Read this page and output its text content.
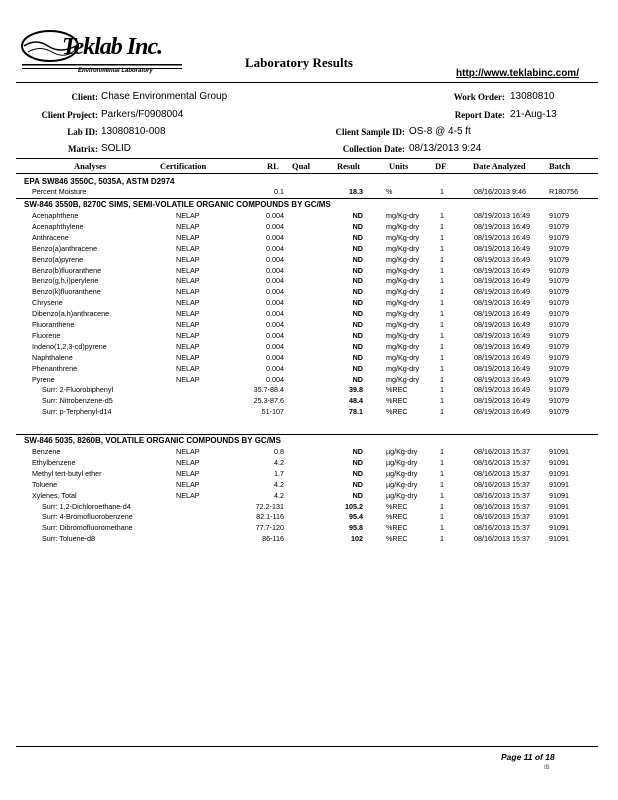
Teklab Inc.
Environmental Laboratory
Laboratory Results
http://www.teklabinc.com/
Client: Chase Environmental Group
Client Project: Parkers/F0908004
Lab ID: 13080810-008
Matrix: SOLID
Work Order: 13080810
Report Date: 21-Aug-13
Client Sample ID: OS-8 @ 4-5 ft
Collection Date: 08/13/2013 9:24
Analyses	Certification	RL Qual	Result	Units	DF	Date Analyzed	Batch
EPA SW846 3550C, 5035A, ASTM D2974
Percent Moisture	0.1	18.3	%	1	08/16/2013 9:46	R180756
SW-846 3550B, 8270C SIMS, SEMI-VOLATILE ORGANIC COMPOUNDS BY GC/MS
Acenaphthene	NELAP	0.004	ND	mg/Kg-dry	1	08/19/2013 16:49	91079
Acenaphthylene	NELAP	0.004	ND	mg/Kg-dry	1	08/19/2013 16:49	91079
Anthracene	NELAP	0.004	ND	mg/Kg-dry	1	08/19/2013 16:49	91079
Benzo(a)anthracene	NELAP	0.004	ND	mg/Kg-dry	1	08/19/2013 16:49	91079
Benzo(a)pyrene	NELAP	0.004	ND	mg/Kg-dry	1	08/19/2013 16:49	91079
Benzo(b)fluoranthene	NELAP	0.004	ND	mg/Kg-dry	1	08/19/2013 16:49	91079
Benzo(g,h,i)perylene	NELAP	0.004	ND	mg/Kg-dry	1	08/19/2013 16:49	91079
Benzo(k)fluoranthene	NELAP	0.004	ND	mg/Kg-dry	1	08/19/2013 16:49	91079
Chrysene	NELAP	0.004	ND	mg/Kg-dry	1	08/19/2013 16:49	91079
Dibenzo(a,h)anthracene	NELAP	0.004	ND	mg/Kg-dry	1	08/19/2013 16:49	91079
Fluoranthene	NELAP	0.004	ND	mg/Kg-dry	1	08/19/2013 16:49	91079
Fluorene	NELAP	0.004	ND	mg/Kg-dry	1	08/19/2013 16:49	91079
Indeno(1,2,3-cd)pyrene	NELAP	0.004	ND	mg/Kg-dry	1	08/19/2013 16:49	91079
Naphthalene	NELAP	0.004	ND	mg/Kg-dry	1	08/19/2013 16:49	91079
Phenanthrene	NELAP	0.004	ND	mg/Kg-dry	1	08/19/2013 16:49	91079
Pyrene	NELAP	0.004	ND	mg/Kg-dry	1	08/19/2013 16:49	91079
Surr: 2-Fluorobiphenyl	35.7-88.4	39.8	%REC	1	08/19/2013 16:49	91079
Surr: Nitrobenzene-d5	25.3-87.6	48.4	%REC	1	08/19/2013 16:49	91079
Surr: p-Terphenyl-d14	51-107	78.1	%REC	1	08/19/2013 16:49	91079
SW-846 5035, 8260B, VOLATILE ORGANIC COMPOUNDS BY GC/MS
Benzene	NELAP	0.8	ND	µg/Kg-dry	1	08/16/2013 15:37	91091
Ethylbenzene	NELAP	4.2	ND	µg/Kg-dry	1	08/16/2013 15:37	91091
Methyl tert-butyl ether	NELAP	1.7	ND	µg/Kg-dry	1	08/16/2013 15:37	91091
Toluene	NELAP	4.2	ND	µg/Kg-dry	1	08/16/2013 15:37	91091
Xylenes, Total	NELAP	4.2	ND	µg/Kg-dry	1	08/16/2013 15:37	91091
Surr: 1,2-Dichloroethane-d4	72.2-131	105.2	%REC	1	08/16/2013 15:37	91091
Surr: 4-Bromofluorobenzene	82.1-116	95.4	%REC	1	08/16/2013 15:37	91091
Surr: Dibromofluoromethane	77.7-120	95.8	%REC	1	08/16/2013 15:37	91091
Surr: Toluene-d8	86-116	102	%REC	1	08/16/2013 15:37	91091
Page 11 of 18
IB
